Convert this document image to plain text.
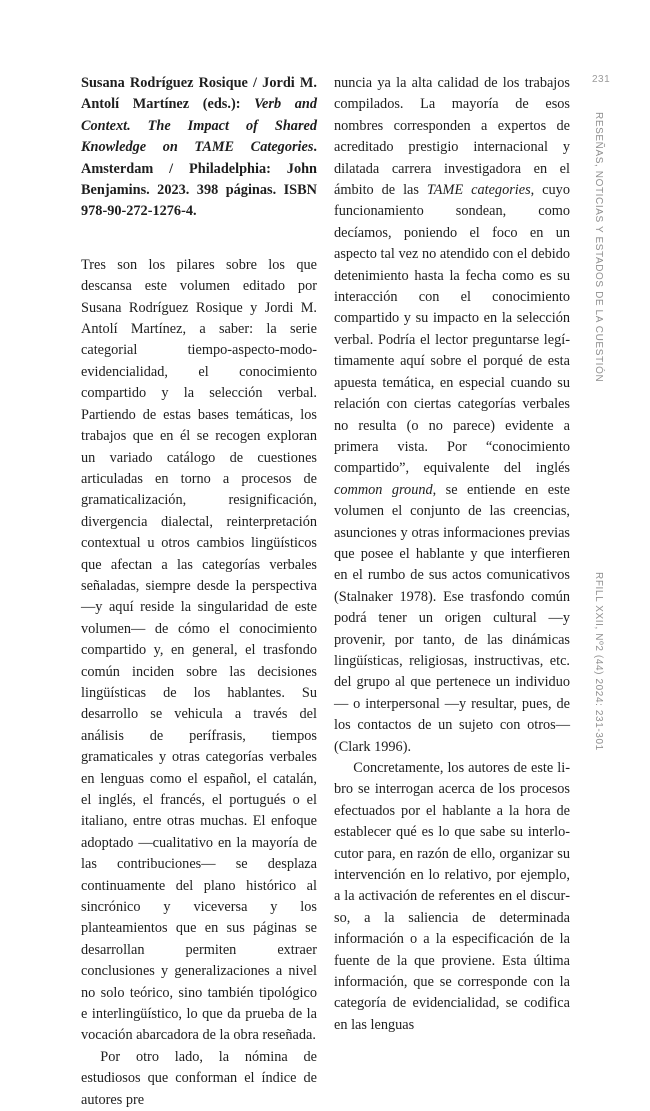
231
RESEÑAS, NOTICIAS Y ESTADOS DE LA CUESTIÓN
RFILL XXII, Nº2 (44) 2024: 231-301

Susana Rodríguez Rosique / Jordi M. Antolí Martínez (eds.): Verb and Context. The Impact of Shared Knowledge on TAME Categories. Amsterdam / Philadelphia: John Benjamins. 2023. 398 páginas. ISBN 978-90-272-1276-4.

Tres son los pilares sobre los que descansa este volumen editado por Susana Rodríguez Rosique y Jordi M. Antolí Martínez, a saber: la serie categorial tiempo-aspecto-modo-evidencialidad, el conocimiento compartido y la selección verbal. Partiendo de estas bases temáticas, los trabajos que en él se recogen exploran un variado catálogo de cuestiones articuladas en torno a procesos de gramaticalización, resignificación, divergencia dialectal, reinterpretación contextual u otros cambios lingüísticos que afectan a las categorías verbales señaladas, siempre desde la perspectiva —y aquí reside la singularidad de este volumen— de cómo el conocimiento compartido y, en general, el trasfondo común inciden sobre las decisiones lingüísticas de los hablantes. Su desarrollo se vehicula a través del análisis de perífrasis, tiempos gramaticales y otras categorías verbales en lenguas como el español, el catalán, el inglés, el francés, el portugués o el italiano, entre otras muchas. El enfoque adoptado —cualitativo en la mayoría de las contribuciones— se desplaza continuamente del plano histórico al sincrónico y viceversa y los planteamientos que en sus páginas se desarrollan permiten extraer conclusiones y generalizaciones a nivel no solo teórico, sino también tipológico e interlingüístico, lo que da prueba de la vocación abarcadora de la obra reseñada.

Por otro lado, la nómina de estudiosos que conforman el índice de autores pre

nuncia ya la alta calidad de los trabajos compilados. La mayoría de esos nombres corresponden a expertos de acreditado prestigio internacional y dilatada carrera investigadora en el ámbito de las TAME categories, cuyo funcionamiento sondean, como decíamos, poniendo el foco en un aspecto tal vez no atendido con el debido detenimiento hasta la fecha como es su interacción con el conocimiento compartido y su impacto en la selección verbal. Podría el lector preguntarse legítimamente aquí sobre el porqué de esta apuesta temática, en especial cuando su relación con ciertas categorías verbales no resulta (o no parece) evidente a primera vista. Por “conocimiento compartido”, equivalente del inglés common ground, se entiende en este volumen el conjunto de las creencias, asunciones y otras informaciones previas que posee el hablante y que interfieren en el rumbo de sus actos comunicativos (Stalnaker 1978). Ese trasfondo común podrá tener un origen cultural —y provenir, por tanto, de las dinámicas lingüísticas, religiosas, instructivas, etc. del grupo al que pertenece un individuo— o interpersonal —y resultar, pues, de los contactos de un sujeto con otros— (Clark 1996).

Concretamente, los autores de este libro se interrogan acerca de los procesos efectuados por el hablante a la hora de establecer qué es lo que sabe su interlocutor para, en razón de ello, organizar su intervención en lo relativo, por ejemplo, a la activación de referentes en el discurso, a la saliencia de determinada información o a la especificación de la fuente de la que proviene. Esta última información, que se corresponde con la categoría de evidencialidad, se codifica en las lenguas
